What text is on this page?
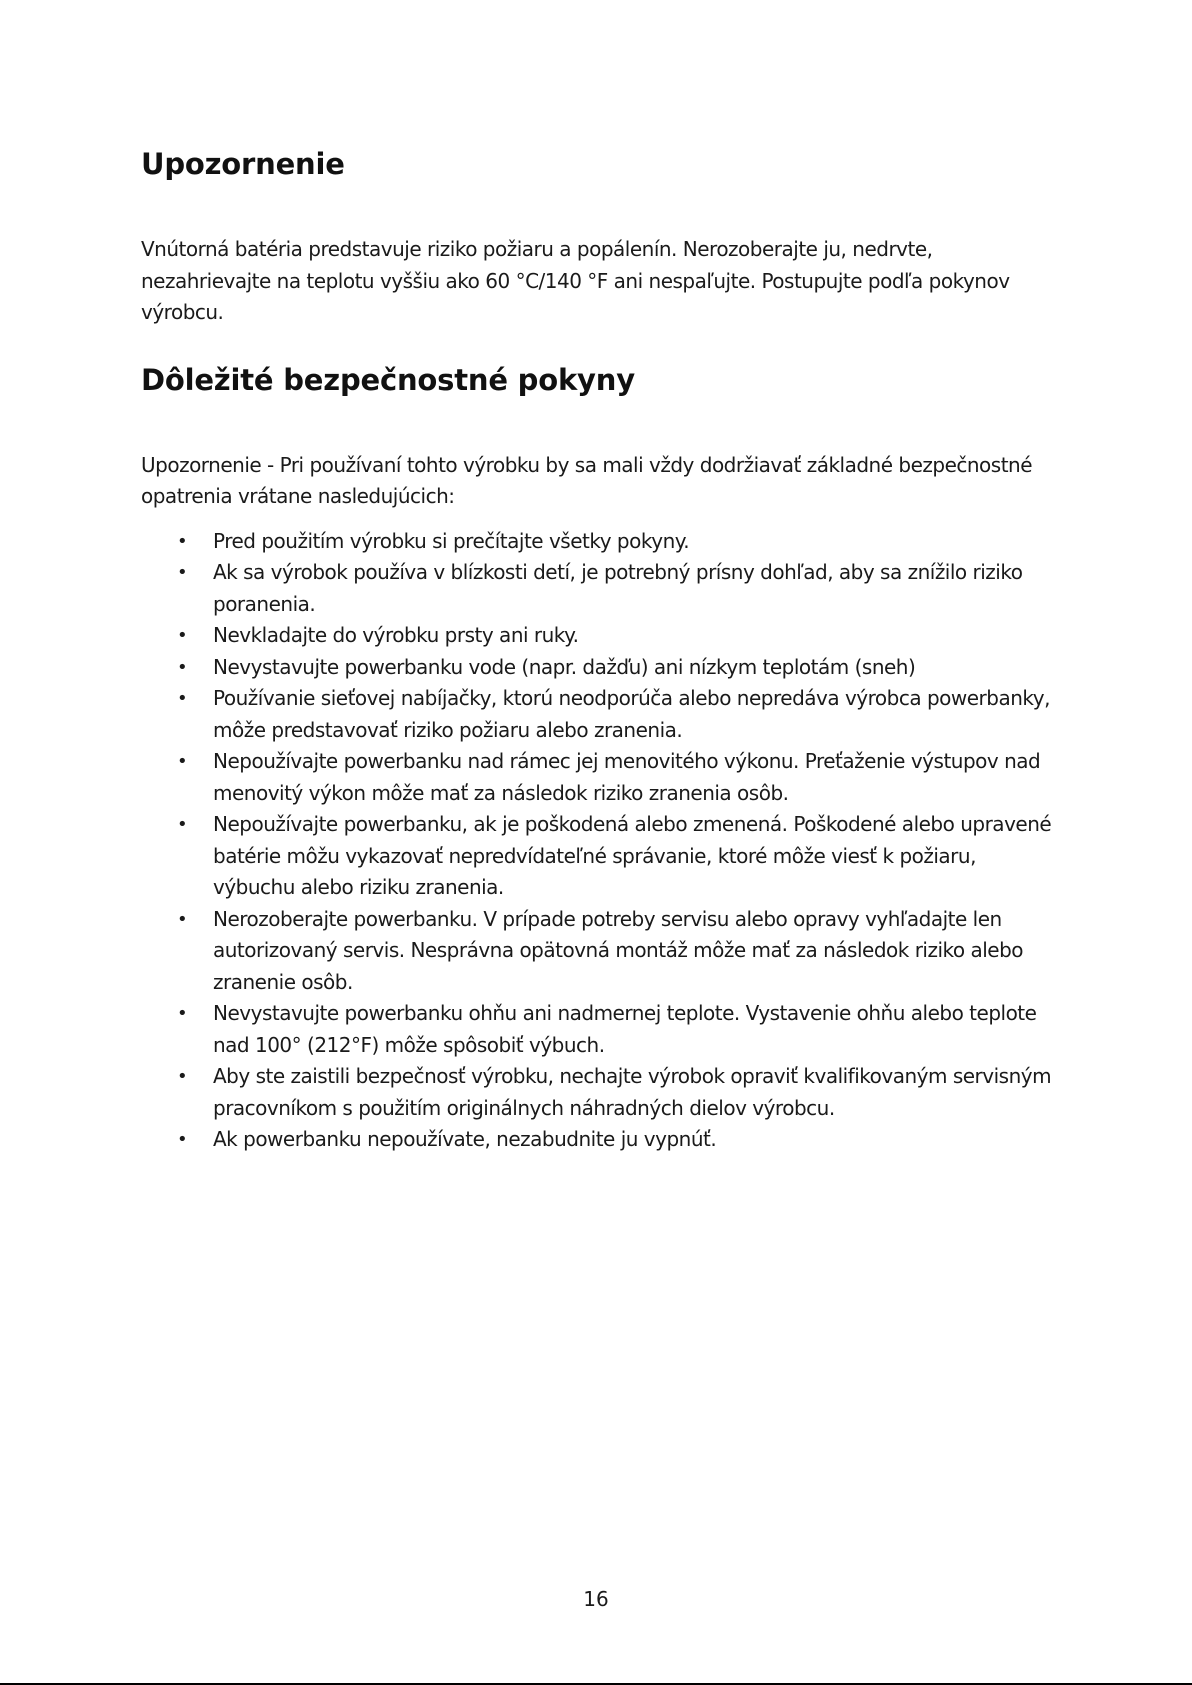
Upozornenie

Vnútorná batéria predstavuje riziko požiaru a popálenín. Nerozoberajte ju, nedrvte, nezahrievajte na teplotu vyššiu ako 60 °C/140 °F ani nespaľujte. Postupujte podľa pokynov výrobcu.

Dôležité bezpečnostné pokyny

Upozornenie - Pri používaní tohto výrobku by sa mali vždy dodržiavať základné bezpečnostné opatrenia vrátane nasledujúcich:

• Pred použitím výrobku si prečítajte všetky pokyny.
• Ak sa výrobok používa v blízkosti detí, je potrebný prísny dohľad, aby sa znížilo riziko poranenia.
• Nevkladajte do výrobku prsty ani ruky.
• Nevystavujte powerbanku vode (napr. dažďu) ani nízkym teplotám (sneh)
• Používanie sieťovej nabíjačky, ktorú neodporúča alebo nepredáva výrobca powerbanky, môže predstavovať riziko požiaru alebo zranenia.
• Nepoužívajte powerbanku nad rámec jej menovitého výkonu. Preťaženie výstupov nad menovitý výkon môže mať za následok riziko zranenia osôb.
• Nepoužívajte powerbanku, ak je poškodená alebo zmenená. Poškodené alebo upravené batérie môžu vykazovať nepredvídateľné správanie, ktoré môže viesť k požiaru, výbuchu alebo riziku zranenia.
• Nerozoberajte powerbanku. V prípade potreby servisu alebo opravy vyhľadajte len autorizovaný servis. Nesprávna opätovná montáž môže mať za následok riziko alebo zranenie osôb.
• Nevystavujte powerbanku ohňu ani nadmernej teplote. Vystavenie ohňu alebo teplote nad 100° (212°F) môže spôsobiť výbuch.
• Aby ste zaistili bezpečnosť výrobku, nechajte výrobok opraviť kvalifikovaným servisným pracovníkom s použitím originálnych náhradných dielov výrobcu.
• Ak powerbanku nepoužívate, nezabudnite ju vypnúť.
16
